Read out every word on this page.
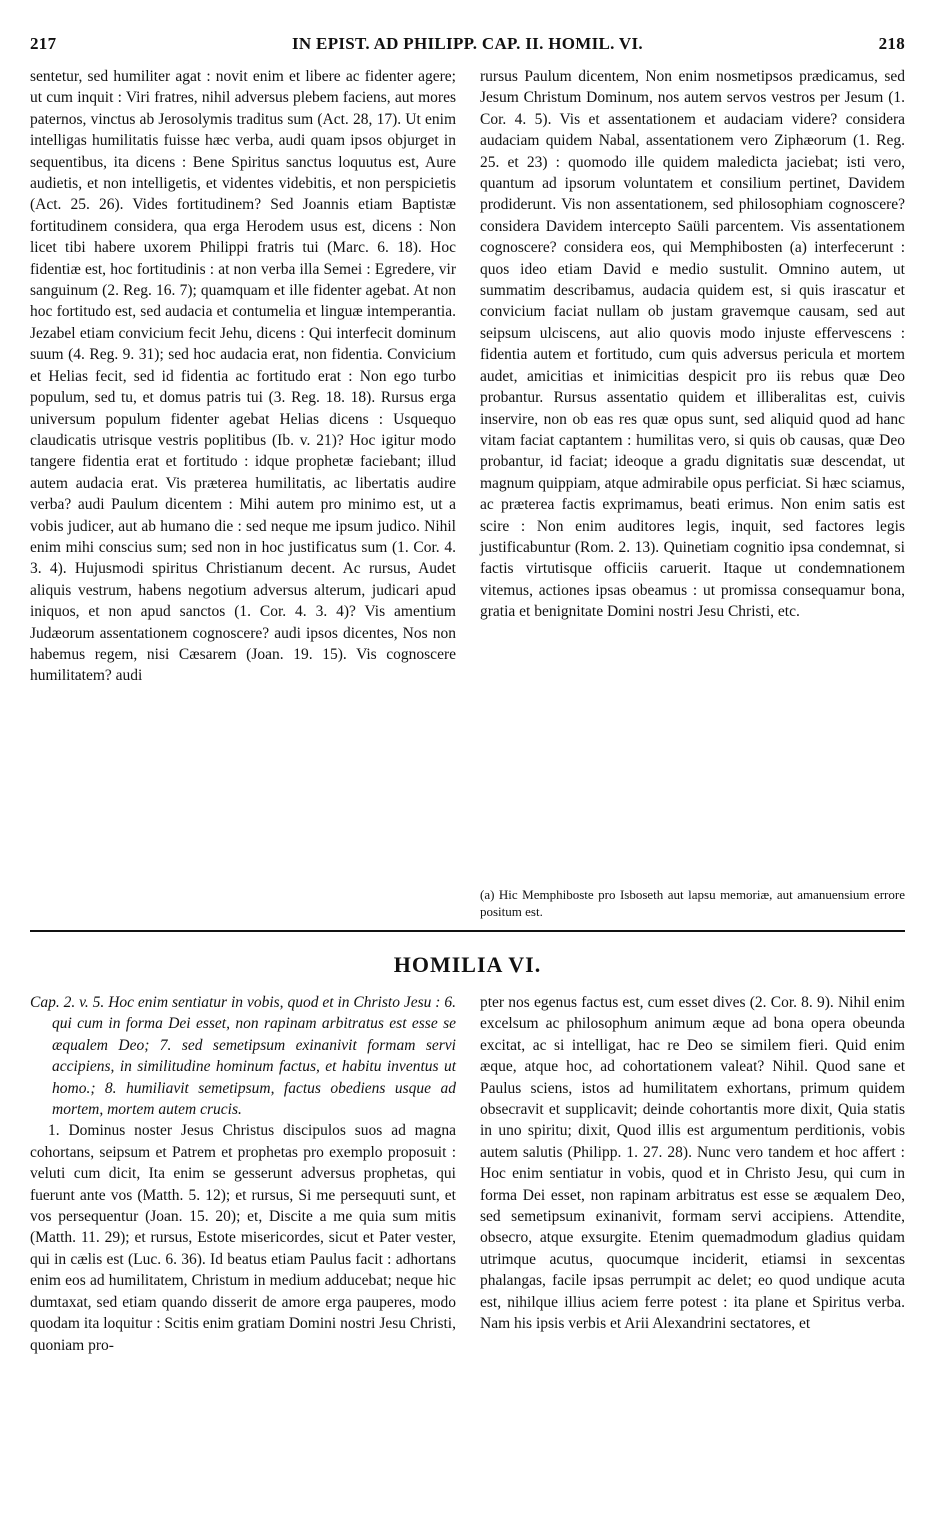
217	IN EPIST. AD PHILIPP. CAP. II. HOMIL. VI.	218

sentetur, sed humiliter agat : novit enim et libere ac fidenter agere; ut cum inquit : Viri fratres, nihil adversus plebem faciens, aut mores paternos, vinctus ab Jerosolymis traditus sum (Act. 28, 17). Ut enim intelligas humilitatis fuisse hæc verba, audi quam ipsos objurget in sequentibus, ita dicens : Bene Spiritus sanctus loquutus est, Aure audietis, et non intelligetis, et videntes videbitis, et non perspicietis (Act. 25. 26). Vides fortitudinem? Sed Joannis etiam Baptistæ fortitudinem considera, qua erga Herodem usus est, dicens : Non licet tibi habere uxorem Philippi fratris tui (Marc. 6. 18). Hoc fidentiæ est, hoc fortitudinis : at non verba illa Semei : Egredere, vir sanguinum (2. Reg. 16. 7); quamquam et ille fidenter agebat. At non hoc fortitudo est, sed audacia et contumelia et linguæ intemperantia. Jezabel etiam convicium fecit Jehu, dicens : Qui interfecit dominum suum (4. Reg. 9. 31); sed hoc audacia erat, non fidentia. Convicium et Helias fecit, sed id fidentia ac fortitudo erat : Non ego turbo populum, sed tu, et domus patris tui (3. Reg. 18. 18). Rursus erga universum populum fidenter agebat Helias dicens : Usquequo claudicatis utrisque vestris poplitibus (Ib. v. 21)? Hoc igitur modo tangere fidentia erat et fortitudo : idque prophetæ faciebant; illud autem audacia erat. Vis præterea humilitatis, ac libertatis audire verba? audi Paulum dicentem : Mihi autem pro minimo est, ut a vobis judicer, aut ab humano die : sed neque me ipsum judico. Nihil enim mihi conscius sum; sed non in hoc justificatus sum (1. Cor. 4. 3. 4). Hujusmodi spiritus Christianum decent. Ac rursus, Audet aliquis vestrum, habens negotium adversus alterum, judicari apud iniquos, et non apud sanctos (1. Cor. 4. 3. 4)? Vis amentium Judæorum assentationem cognoscere? audi ipsos dicentes, Nos non habemus regem, nisi Cæsarem (Joan. 19. 15). Vis cognoscere humilitatem? audi

rursus Paulum dicentem, Non enim nosmetipsos prædicamus, sed Jesum Christum Dominum, nos autem servos vestros per Jesum (1. Cor. 4. 5). Vis et assentationem et audaciam videre? considera audaciam quidem Nabal, assentationem vero Ziphæorum (1. Reg. 25. et 23) : quomodo ille quidem maledicta jaciebat; isti vero, quantum ad ipsorum voluntatem et consilium pertinet, Davidem prodiderunt. Vis non assentationem, sed philosophiam cognoscere? considera Davidem intercepto Saüli parcentem. Vis assentationem cognoscere? considera eos, qui Memphibosten (a) interfecerunt : quos ideo etiam David e medio sustulit. Omnino autem, ut summatim describamus, audacia quidem est, si quis irascatur et convicium faciat nullam ob justam gravemque causam, sed aut seipsum ulciscens, aut alio quovis modo injuste effervescens : fidentia autem et fortitudo, cum quis adversus pericula et mortem audet, amicitias et inimicitias despicit pro iis rebus quæ Deo probantur. Rursus assentatio quidem et illiberalitas est, cuivis inservire, non ob eas res quæ opus sunt, sed aliquid quod ad hanc vitam faciat captantem : humilitas vero, si quis ob causas, quæ Deo probantur, id faciat; ideoque a gradu dignitatis suæ descendat, ut magnum quippiam, atque admirabile opus perficiat. Si hæc sciamus, ac præterea factis exprimamus, beati erimus. Non enim satis est scire : Non enim auditores legis, inquit, sed factores legis justificabuntur (Rom. 2. 13). Quinetiam cognitio ipsa condemnat, si factis virtutisque officiis caruerit. Itaque ut condemnationem vitemus, actiones ipsas obeamus : ut promissa consequamur bona, gratia et benignitate Domini nostri Jesu Christi, etc.

(a) Hic Memphiboste pro Isboseth aut lapsu memoriæ, aut amanuensium errore positum est.
HOMILIA VI.

Cap. 2. v. 5. Hoc enim sentiatur in vobis, quod et in Christo Jesu : 6. qui cum in forma Dei esset, non rapinam arbitratus est esse se æqualem Deo; 7. sed semetipsum exinanivit formam servi accipiens, in similitudine hominum factus, et habitu inventus ut homo.; 8. humiliavit semetipsum, factus obediens usque ad mortem, mortem autem crucis.

1. Dominus noster Jesus Christus discipulos suos ad magna cohortans, seipsum et Patrem et prophetas pro exemplo proposuit : veluti cum dicit, Ita enim se gesserunt adversus prophetas, qui fuerunt ante vos (Matth. 5. 12); et rursus, Si me persequuti sunt, et vos persequentur (Joan. 15. 20); et, Discite a me quia sum mitis (Matth. 11. 29); et rursus, Estote misericordes, sicut et Pater vester, qui in cælis est (Luc. 6. 36). Id beatus etiam Paulus facit : adhortans enim eos ad humilitatem, Christum in medium adducebat; neque hic dumtaxat, sed etiam quando disserit de amore erga pauperes, modo quodam ita loquitur : Scitis enim gratiam Domini nostri Jesu Christi, quoniam pro-

pter nos egenus factus est, cum esset dives (2. Cor. 8. 9). Nihil enim excelsum ac philosophum animum æque ad bona opera obeunda excitat, ac si intelligat, hac re Deo se similem fieri. Quid enim æque, atque hoc, ad cohortationem valeat? Nihil. Quod sane et Paulus sciens, istos ad humilitatem exhortans, primum quidem obsecravit et supplicavit; deinde cohortantis more dixit, Quia statis in uno spiritu; dixit, Quod illis est argumentum perditionis, vobis autem salutis (Philipp. 1. 27. 28). Nunc vero tandem et hoc affert : Hoc enim sentiatur in vobis, quod et in Christo Jesu, qui cum in forma Dei esset, non rapinam arbitratus est esse se æqualem Deo, sed semetipsum exinanivit, formam servi accipiens. Attendite, obsecro, atque exsurgite. Etenim quemadmodum gladius quidam utrimque acutus, quocumque inciderit, etiamsi in sexcentas phalangas, facile ipsas perrumpit ac delet; eo quod undique acuta est, nihilque illius aciem ferre potest : ita plane et Spiritus verba. Nam his ipsis verbis et Arii Alexandrini sectatores, et
